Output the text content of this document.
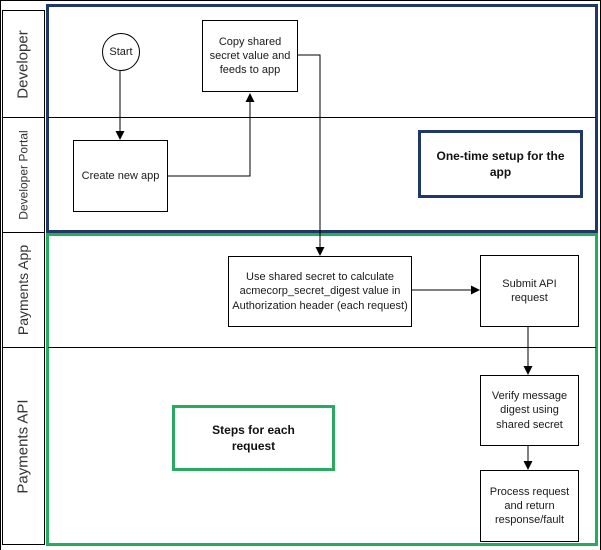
Developer
Developer Portal
Payments App
Payments API
Start
Create new app
Copy shared secret value and feeds to app
Use shared secret to calculate acmecorp_secret_digest value in Authorization header (each request)
Submit API request
Verify message digest using shared secret
Process request and return response/fault
One-time setup for the app
Steps for each request
